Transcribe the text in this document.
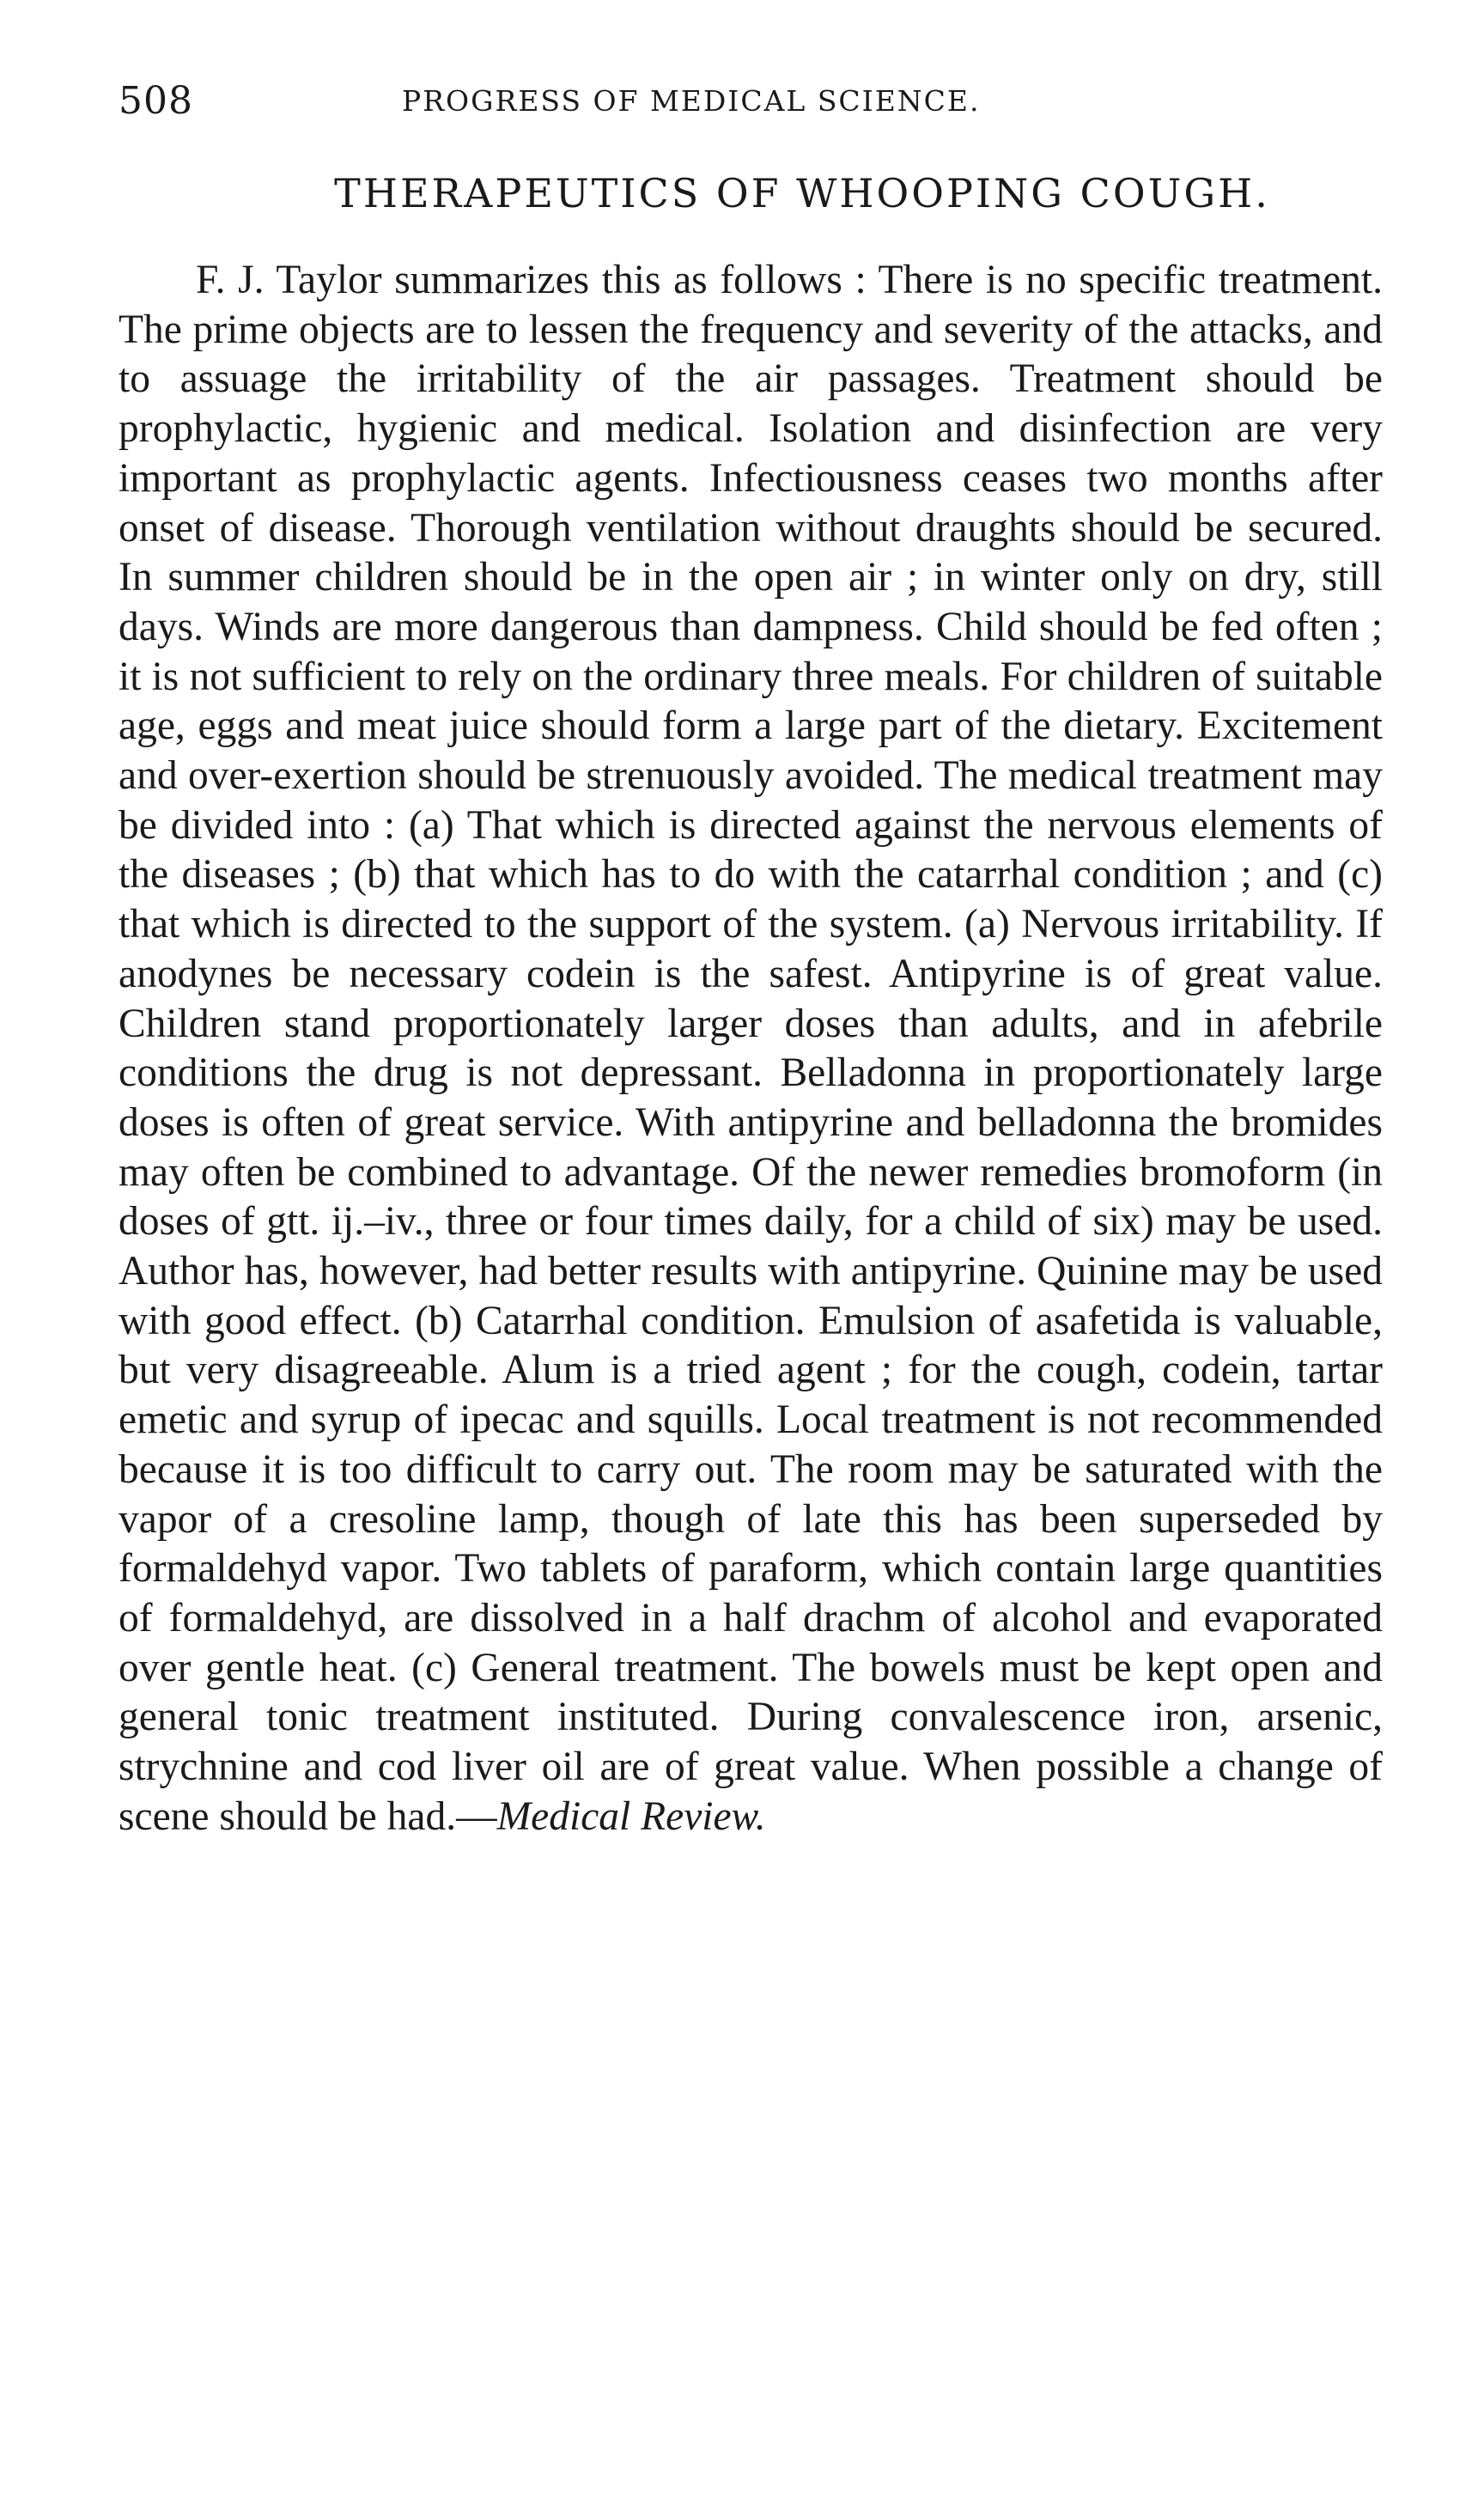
508	PROGRESS OF MEDICAL SCIENCE.
THERAPEUTICS OF WHOOPING COUGH.

F. J. Taylor summarizes this as follows : There is no specific treatment. The prime objects are to lessen the frequency and severity of the attacks, and to assuage the irritability of the air passages. Treatment should be prophylactic, hygienic and medical. Isolation and disinfection are very important as prophylactic agents. Infectiousness ceases two months after onset of disease. Thorough ventilation without draughts should be secured. In summer children should be in the open air ; in winter only on dry, still days. Winds are more dangerous than dampness. Child should be fed often ; it is not sufficient to rely on the ordinary three meals. For children of suitable age, eggs and meat juice should form a large part of the dietary. Excitement and over-exertion should be strenuously avoided. The medical treatment may be divided into : (a) That which is directed against the nervous elements of the diseases ; (b) that which has to do with the catarrhal condition ; and (c) that which is directed to the support of the system. (a) Nervous irritability. If anodynes be necessary codein is the safest. Antipyrine is of great value. Children stand proportionately larger doses than adults, and in afebrile conditions the drug is not depressant. Belladonna in proportionately large doses is often of great service. With antipyrine and belladonna the bromides may often be combined to advantage. Of the newer remedies bromoform (in doses of gtt. ij.–iv., three or four times daily, for a child of six) may be used. Author has, however, had better results with antipyrine. Quinine may be used with good effect. (b) Catarrhal condition. Emulsion of asafetida is valuable, but very disagreeable. Alum is a tried agent ; for the cough, codein, tartar emetic and syrup of ipecac and squills. Local treatment is not recommended because it is too difficult to carry out. The room may be saturated with the vapor of a cresoline lamp, though of late this has been superseded by formaldehyd vapor. Two tablets of paraform, which contain large quantities of formaldehyd, are dissolved in a half drachm of alcohol and evaporated over gentle heat. (c) General treatment. The bowels must be kept open and general tonic treatment instituted. During convalescence iron, arsenic, strychnine and cod liver oil are of great value. When possible a change of scene should be had.—Medical Review.
